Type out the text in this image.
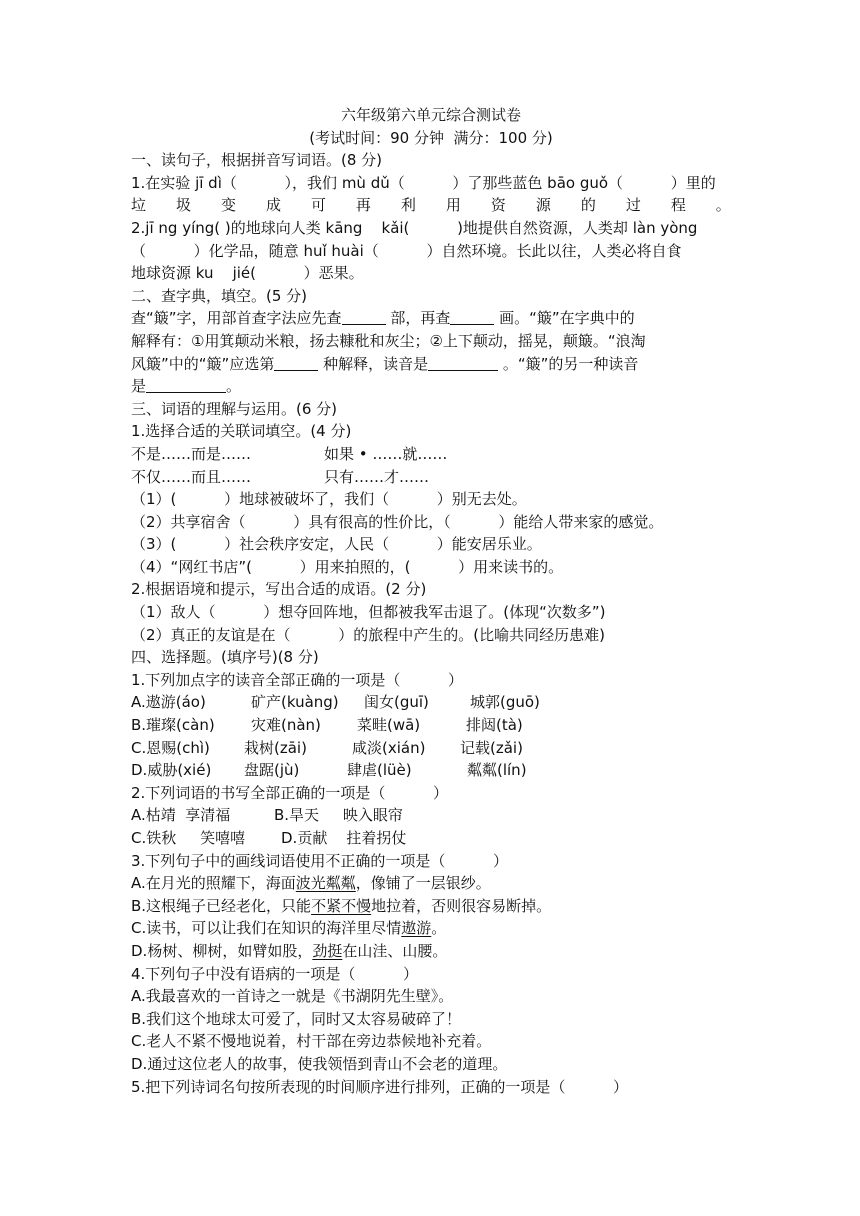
六年级第六单元综合测试卷
(考试时间：90 分钟  满分：100 分)
一、读句子，根据拼音写词语。(8 分)
1.在实验 jī dì（          ），我们 mù dǔ（          ）了那些蓝色 bāo guǒ（          ）里的
垃 圾 变 成 可 再 利 用 资 源 的 过 程 。
2.jī ng yíng( )的地球向人类 kāng    kǎi(          )地提供自然资源，人类却 làn yòng
（          ）化学品，随意 huǐ huài（          ）自然环境。长此以往，人类必将自食
地球资源 ku    jié(          ）恶果。
二、查字典，填空。(5 分)
查“簸”字，用部首查字法应先查	部，再查	画。“簸”在字典中的
解释有：①用箕颠动米粮，扬去糠秕和灰尘；②上下颠动，摇晃，颠簸。“浪淘
风簸”中的“簸”应选第	种解释，读音是	。“簸”的另一种读音
是	。
三、词语的理解与运用。(6 分)
1.选择合适的关联词填空。(4 分)
不是……而是……	如果 • ……就……
不仅……而且……	只有……才……
（1）(          ）地球被破坏了，我们（          ）别无去处。
（2）共享宿舍（          ）具有很高的性价比，（          ）能给人带来家的感觉。
（3）(          ）社会秩序安定，人民（          ）能安居乐业。
（4）“网红书店”(          ）用来拍照的，(          ）用来读书的。
2.根据语境和提示，写出合适的成语。(2 分)
（1）敌人（          ）想夺回阵地，但都被我军击退了。(体现“次数多”)
（2）真正的友谊是在（          ）的旅程中产生的。(比喻共同经历患难)
四、选择题。(填序号)(8 分)
1.下列加点字的读音全部正确的一项是（          ）
A.遨游(áo)	矿产(kuàng) 闺女(guī)	城郭(guō)
B.璀璨(càn) 灾难(nàn) 菜畦(wā)	排闼(tà)
C.恩赐(chì) 栽树(zāi)	咸淡(xián) 记载(zǎi)
D.威胁(xié) 盘踞(jù)	肆虐(lüè)	粼粼(lín)
2.下列词语的书写全部正确的一项是（          ）
A.枯靖  享清福	B.旱天     映入眼帘
C.铁秋     笑嘻嘻 D.贡献    拄着拐仗
3.下列句子中的画线词语使用不正确的一项是（          ）
A.在月光的照耀下，海面波光粼粼，像铺了一层银纱。
B.这根绳子已经老化，只能不紧不慢地拉着，否则很容易断掉。
C.读书，可以让我们在知识的海洋里尽情遨游。
D.杨树、柳树，如臂如股，劲挺在山洼、山腰。
4.下列句子中没有语病的一项是（          ）
A.我最喜欢的一首诗之一就是《书湖阴先生壁》。
B.我们这个地球太可爱了，同时又太容易破碎了！
C.老人不紧不慢地说着，村干部在旁边恭候地补充着。
D.通过这位老人的故事，使我领悟到青山不会老的道理。
5.把下列诗词名句按所表现的时间顺序进行排列，正确的一项是（          ）
